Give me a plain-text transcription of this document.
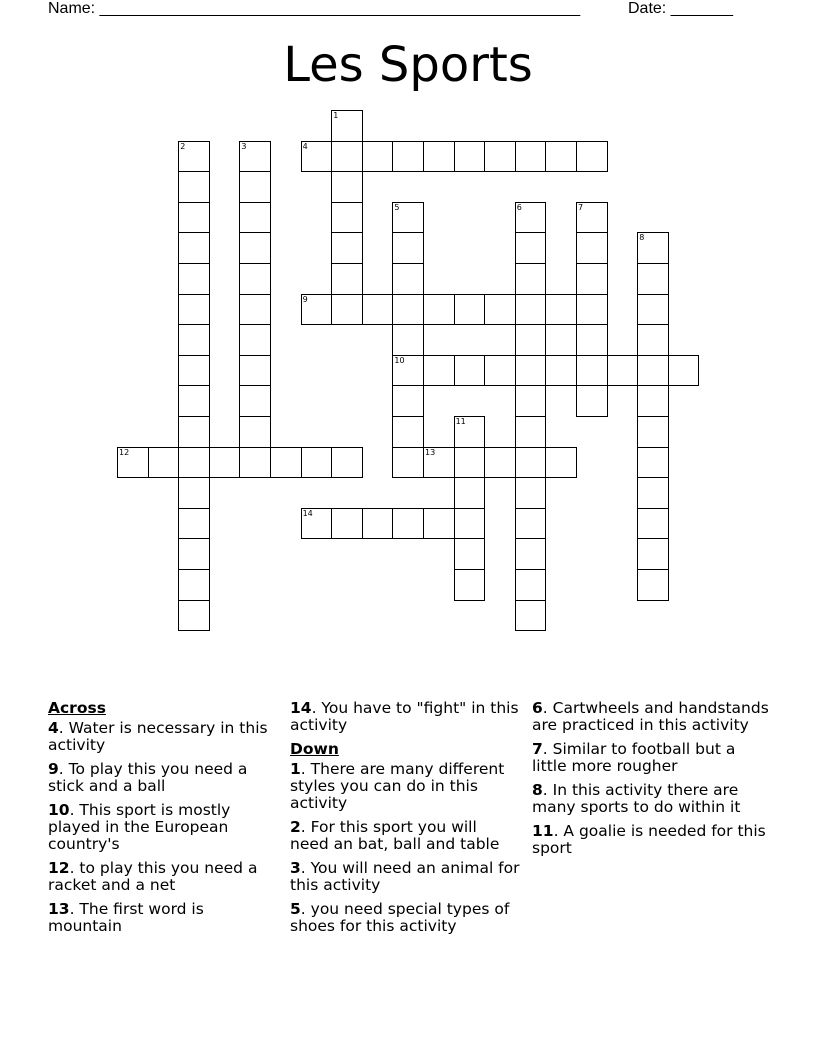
Name: ______________________________________________________	Date: _______
Les Sports
1
2	3	4
5
10
6	7
8
9
11
12	13
14
Across
4. Water is necessary in this activity
9. To play this you need a stick and a ball
10. This sport is mostly played in the European country's
12. to play this you need a racket and a net
13. The first word is mountain
14. You have to "fight" in this activity
Down
1. There are many different styles you can do in this activity
2. For this sport you will need an bat, ball and table
3. You will need an animal for this activity
5. you need special types of shoes for this activity
6. Cartwheels and handstands are practiced in this activity
7. Similar to football but a little more rougher
8. In this activity there are many sports to do within it
11. A goalie is needed for this sport
